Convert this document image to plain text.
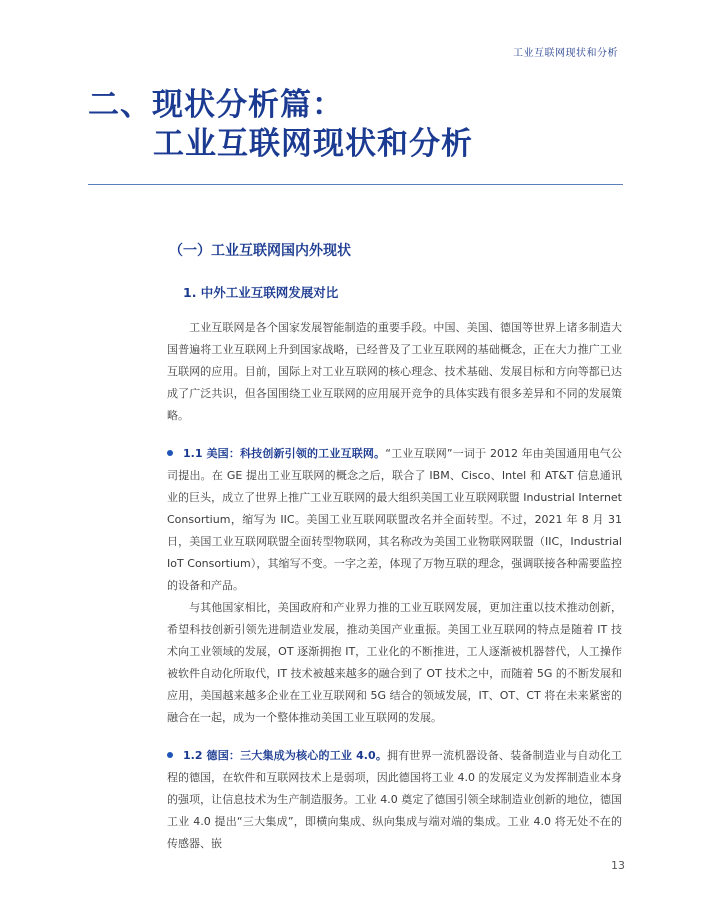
工业互联网现状和分析
二、现状分析篇：
工业互联网现状和分析
（一）工业互联网国内外现状
1. 中外工业互联网发展对比
工业互联网是各个国家发展智能制造的重要手段。中国、美国、德国等世界上诸多制造大国普遍将工业互联网上升到国家战略，已经普及了工业互联网的基础概念，正在大力推广工业互联网的应用。目前，国际上对工业互联网的核心理念、技术基础、发展目标和方向等都已达成了广泛共识，但各国围绕工业互联网的应用展开竞争的具体实践有很多差异和不同的发展策略。
1.1 美国：科技创新引领的工业互联网。“工业互联网”一词于 2012 年由美国通用电气公司提出。在 GE 提出工业互联网的概念之后，联合了 IBM、Cisco、Intel 和 AT&T 信息通讯业的巨头，成立了世界上推广工业互联网的最大组织美国工业互联网联盟 Industrial Internet Consortium，缩写为 IIC。美国工业互联网联盟改名并全面转型。不过，2021 年 8 月 31 日，美国工业互联网联盟全面转型物联网，其名称改为美国工业物联网联盟（IIC，Industrial IoT Consortium），其缩写不变。一字之差，体现了万物互联的理念，强调联接各种需要监控的设备和产品。
与其他国家相比，美国政府和产业界力推的工业互联网发展，更加注重以技术推动创新，希望科技创新引领先进制造业发展，推动美国产业重振。美国工业互联网的特点是随着 IT 技术向工业领域的发展，OT 逐渐拥抱 IT，工业化的不断推进，工人逐渐被机器替代，人工操作被软件自动化所取代，IT 技术被越来越多的融合到了 OT 技术之中，而随着 5G 的不断发展和应用，美国越来越多企业在工业互联网和 5G 结合的领域发展，IT、OT、CT 将在未来紧密的融合在一起，成为一个整体推动美国工业互联网的发展。
1.2 德国：三大集成为核心的工业 4.0。拥有世界一流机器设备、装备制造业与自动化工程的德国，在软件和互联网技术上是弱项，因此德国将工业 4.0 的发展定义为发挥制造业本身的强项，让信息技术为生产制造服务。工业 4.0 奠定了德国引领全球制造业创新的地位，德国工业 4.0 提出“三大集成”，即横向集成、纵向集成与端对端的集成。工业 4.0 将无处不在的传感器、嵌
13
